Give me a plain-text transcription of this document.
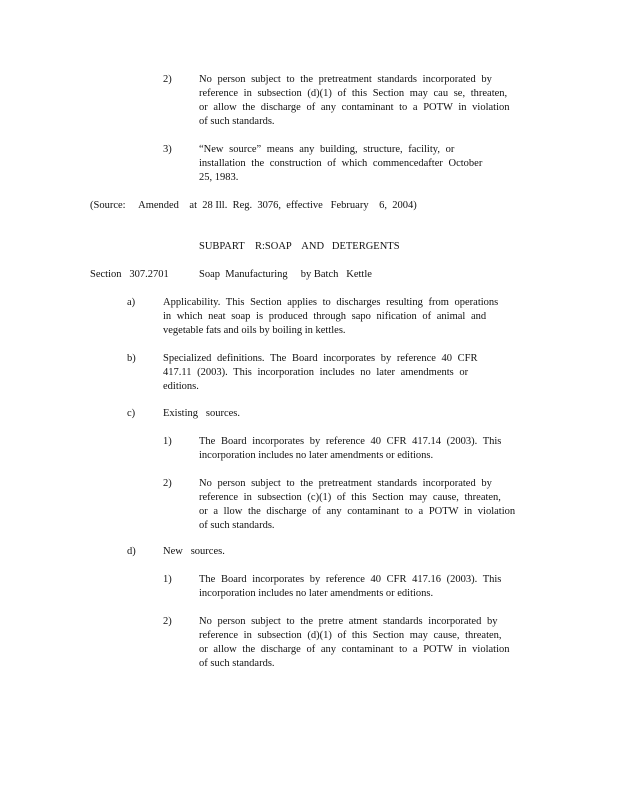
2)	No person subject to the pretreatment standards incorporated by
reference in subsection (d)(1) of this Section may cau se, threaten,
or allow the discharge of any contaminant to a POTW in violation
of such standards.
3)	“New source” means any building, structure, facility, or
installation the construction of which commencedafter October
25, 1983.
(Source:     Amended    at  28 Ill.  Reg.  3076,  effective   February    6,  2004)
SUBPART    R:SOAP    AND   DETERGENTS
Section   307.2701	Soap  Manufacturing     by Batch   Kettle
a)	Applicability. This Section applies to discharges resulting from operations
in which neat soap is produced through sapo nification of animal and
vegetable fats and oils by boiling in kettles.
b)	Specialized definitions. The Board incorporates by reference 40 CFR
417.11 (2003). This incorporation includes no later amendments or
editions.
c)	Existing   sources.
1)	The Board incorporates by reference 40 CFR 417.14 (2003). This
incorporation includes no later amendments or editions.
2)	No person subject to the pretreatment standards incorporated by
reference in subsection (c)(1) of this Section may cause, threaten,
or a llow the discharge of any contaminant to a POTW in violation
of such standards.
d)	New   sources.
1)	The Board incorporates by reference 40 CFR 417.16 (2003). This
incorporation includes no later amendments or editions.
2)	No person subject to the pretre atment standards incorporated by
reference in subsection (d)(1) of this Section may cause, threaten,
or allow the discharge of any contaminant to a POTW in violation
of such standards.
